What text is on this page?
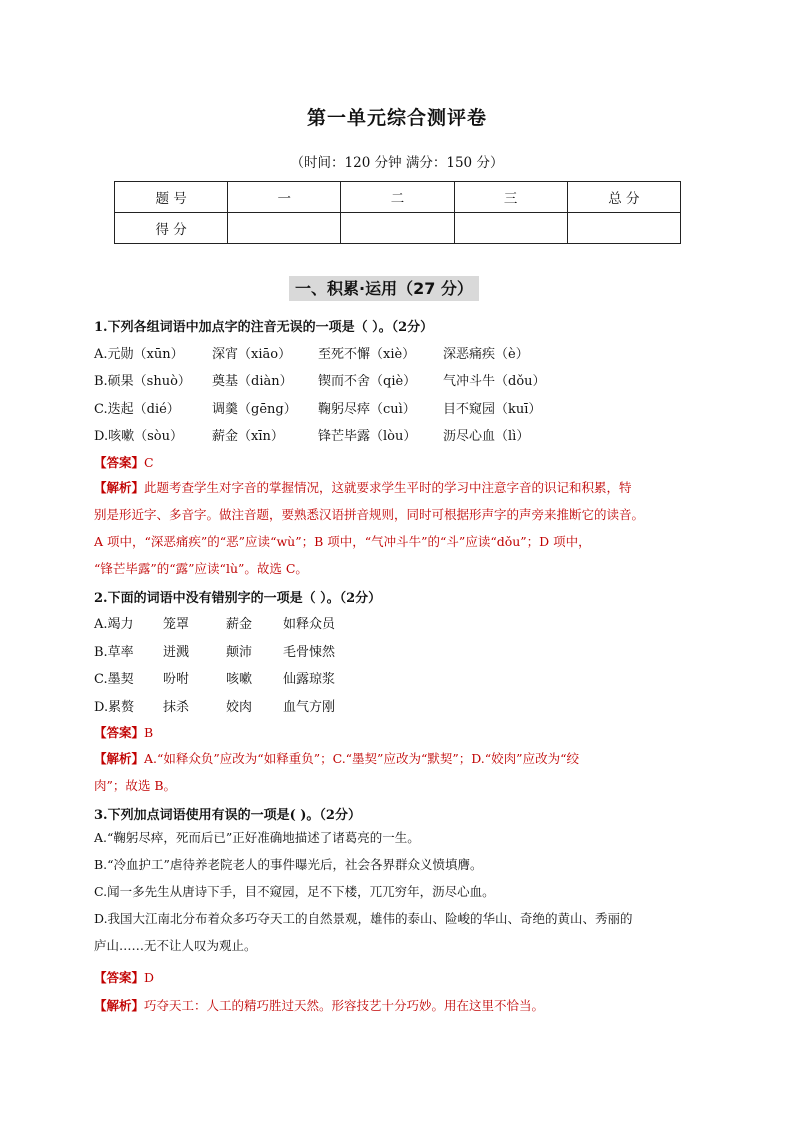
第一单元综合测评卷
（时间：120 分钟 满分：150 分）
题 号	一	二	三	总 分
得 分				
一、积累·运用（27 分）
1.下列各组词语中加点字的注音无误的一项是（ ）。（2分）
A.元勋（xūn） 深宵（xiāo） 至死不懈（xiè） 深恶痛疾（è）
B.硕果（shuò） 奠基（diàn） 锲而不舍（qiè） 气冲斗牛（dǒu）
C.迭起（dié） 调羹（gēng） 鞠躬尽瘁（cuì） 目不窥园（kuī）
D.咳嗽（sòu） 薪金（xīn）	锋芒毕露（lòu） 沥尽心血（lì）
【答案】C
【解析】此题考查学生对字音的掌握情况，这就要求学生平时的学习中注意字音的识记和积累，特
别是形近字、多音字。做注音题，要熟悉汉语拼音规则，同时可根据形声字的声旁来推断它的读音。
A 项中，“深恶痛疾”的“恶”应读“wù”；B 项中，“气冲斗牛”的“斗”应读“dǒu”；D 项中，
“锋芒毕露”的“露”应读“lù”。故选 C。
2.下面的词语中没有错别字的一项是（ ）。（2分）
A.竭力 笼罩	薪金 如释众员
B.草率 迸溅	颠沛 毛骨悚然
C.墨契 吩咐	咳嗽 仙露琼浆
D.累赘 抹杀	姣肉 血气方刚
【答案】B
【解析】A.“如释众负”应改为“如释重负”；C.“墨契”应改为“默契”；D.“姣肉”应改为“绞
肉”；故选 B。
3.下列加点词语使用有误的一项是( )。（2分）
A.“鞠躬尽瘁，死而后已”正好准确地描述了诸葛亮的一生。
B.“冷血护工”虐待养老院老人的事件曝光后，社会各界群众义愤填膺。
C.闻一多先生从唐诗下手，目不窥园，足不下楼，兀兀穷年，沥尽心血。
D.我国大江南北分布着众多巧夺天工的自然景观，雄伟的泰山、险峻的华山、奇绝的黄山、秀丽的
庐山……无不让人叹为观止。
【答案】D
【解析】巧夺天工：人工的精巧胜过天然。形容技艺十分巧妙。用在这里不恰当。
